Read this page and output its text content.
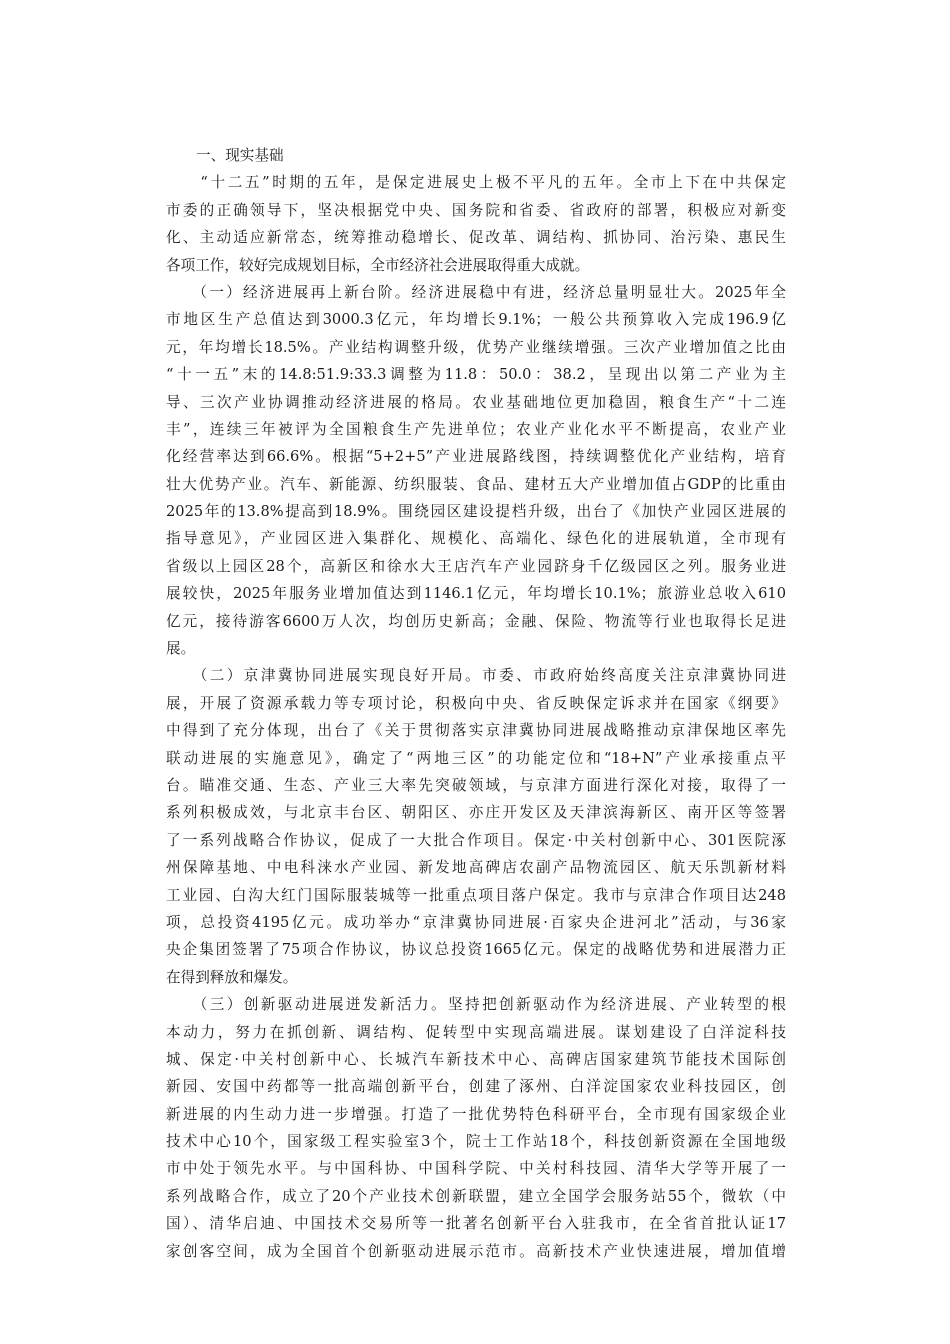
一、现实基础
　　“十二五”时期的五年，是保定进展史上极不平凡的五年。全市上下在中共保定
市委的正确领导下，坚决根据党中央、国务院和省委、省政府的部署，积极应对新变
化、主动适应新常态，统筹推动稳增长、促改革、调结构、抓协同、治污染、惠民生
各项工作，较好完成规划目标，全市经济社会进展取得重大成就。
　　（一）经济进展再上新台阶。经济进展稳中有进，经济总量明显壮大。2025年全
市地区生产总值达到3000.3亿元，年均增长9.1%；一般公共预算收入完成196.9亿
元，年均增长18.5%。产业结构调整升级，优势产业继续增强。三次产业增加值之比由
“十一五”末的14.8:51.9:33.3调整为11.8：50.0：38.2，呈现出以第二产业为主
导、三次产业协调推动经济进展的格局。农业基础地位更加稳固，粮食生产“十二连
丰”，连续三年被评为全国粮食生产先进单位；农业产业化水平不断提高，农业产业
化经营率达到66.6%。根据“5+2+5”产业进展路线图，持续调整优化产业结构，培育
壮大优势产业。汽车、新能源、纺织服装、食品、建材五大产业增加值占GDP的比重由
2025年的13.8%提高到18.9%。围绕园区建设提档升级，出台了《加快产业园区进展的
指导意见》，产业园区进入集群化、规模化、高端化、绿色化的进展轨道，全市现有
省级以上园区28个，高新区和徐水大王店汽车产业园跻身千亿级园区之列。服务业进
展较快，2025年服务业增加值达到1146.1亿元，年均增长10.1%；旅游业总收入610
亿元，接待游客6600万人次，均创历史新高；金融、保险、物流等行业也取得长足进
展。
　　（二）京津冀协同进展实现良好开局。市委、市政府始终高度关注京津冀协同进
展，开展了资源承载力等专项讨论，积极向中央、省反映保定诉求并在国家《纲要》
中得到了充分体现，出台了《关于贯彻落实京津冀协同进展战略推动京津保地区率先
联动进展的实施意见》，确定了“两地三区”的功能定位和“18+N”产业承接重点平
台。瞄准交通、生态、产业三大率先突破领域，与京津方面进行深化对接，取得了一
系列积极成效，与北京丰台区、朝阳区、亦庄开发区及天津滨海新区、南开区等签署
了一系列战略合作协议，促成了一大批合作项目。保定·中关村创新中心、301医院涿
州保障基地、中电科涞水产业园、新发地高碑店农副产品物流园区、航天乐凯新材料
工业园、白沟大红门国际服装城等一批重点项目落户保定。我市与京津合作项目达248
项，总投资4195亿元。成功举办“京津冀协同进展·百家央企进河北”活动，与36家
央企集团签署了75项合作协议，协议总投资1665亿元。保定的战略优势和进展潜力正
在得到释放和爆发。
　　（三）创新驱动进展迸发新活力。坚持把创新驱动作为经济进展、产业转型的根
本动力，努力在抓创新、调结构、促转型中实现高端进展。谋划建设了白洋淀科技
城、保定·中关村创新中心、长城汽车新技术中心、高碑店国家建筑节能技术国际创
新园、安国中药都等一批高端创新平台，创建了涿州、白洋淀国家农业科技园区，创
新进展的内生动力进一步增强。打造了一批优势特色科研平台，全市现有国家级企业
技术中心10个，国家级工程实验室3个，院士工作站18个，科技创新资源在全国地级
市中处于领先水平。与中国科协、中国科学院、中关村科技园、清华大学等开展了一
系列战略合作，成立了20个产业技术创新联盟，建立全国学会服务站55个，微软（中
国）、清华启迪、中国技术交易所等一批著名创新平台入驻我市，在全省首批认证17
家创客空间，成为全国首个创新驱动进展示范市。高新技术产业快速进展，增加值增
